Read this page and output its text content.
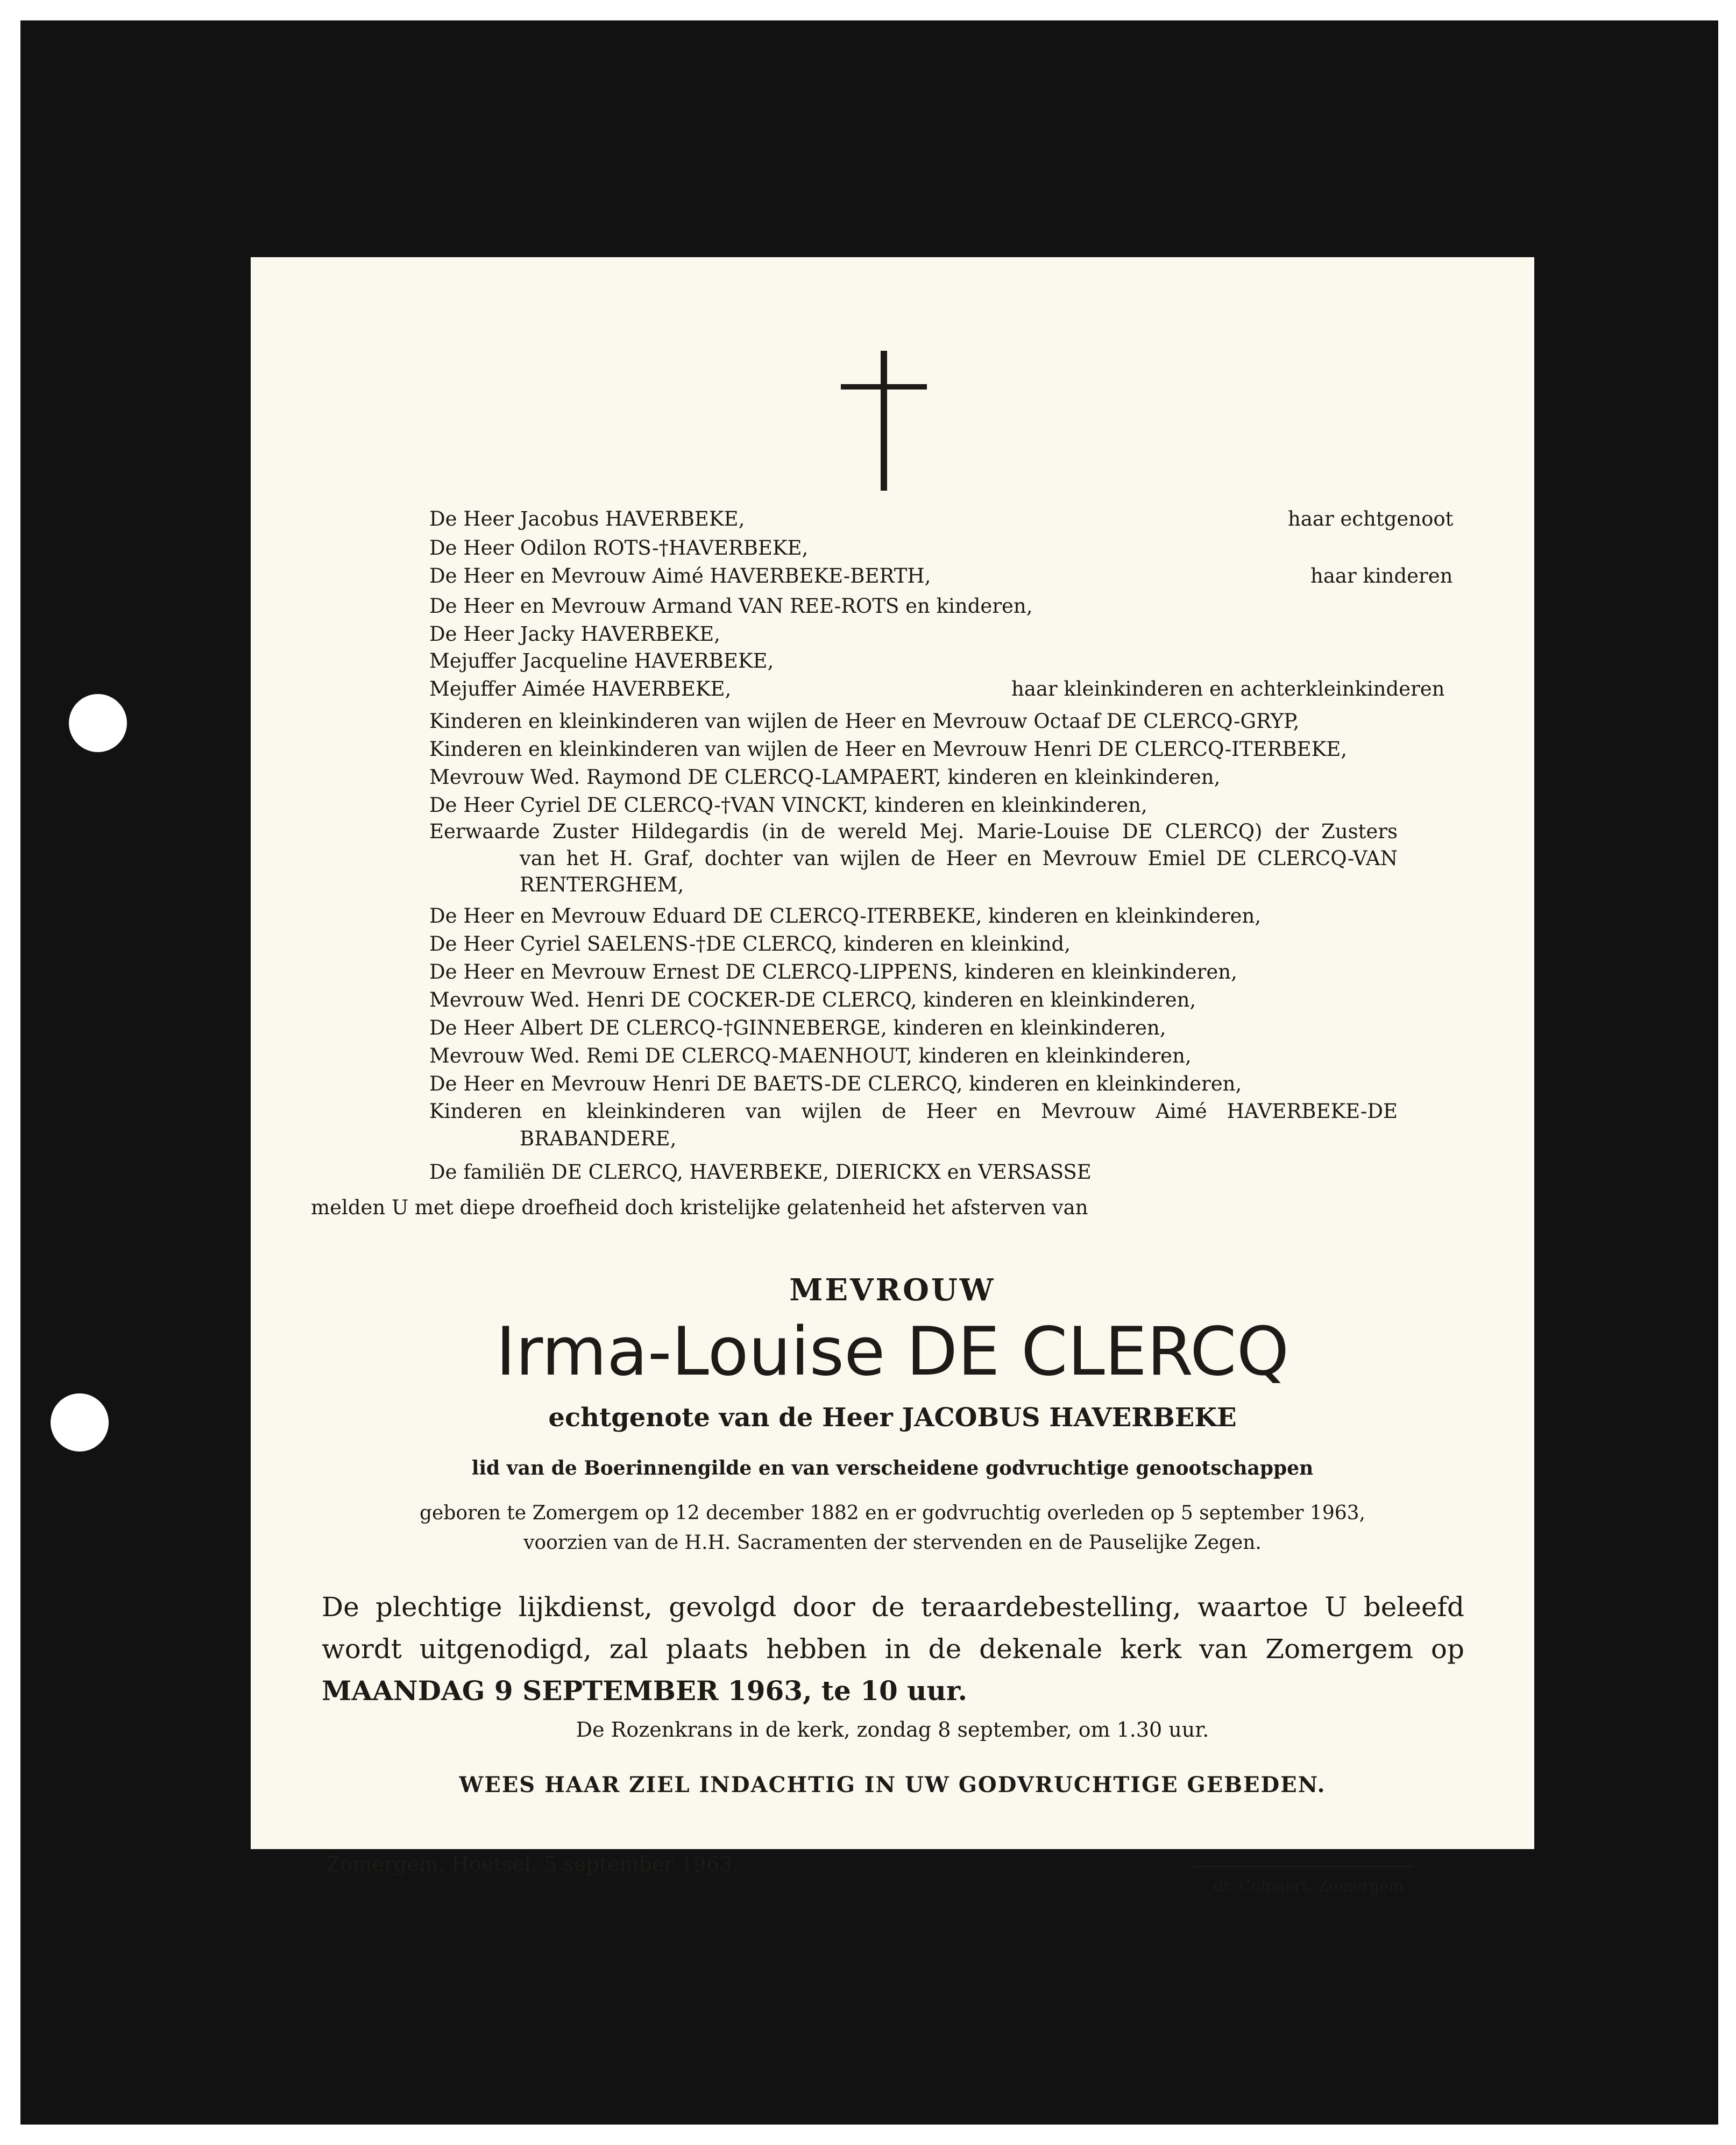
De Heer Jacobus HAVERBEKE,	haar echtgenoot
De Heer Odilon ROTS-†HAVERBEKE,
De Heer en Mevrouw Aimé HAVERBEKE-BERTH,	haar kinderen
De Heer en Mevrouw Armand VAN REE-ROTS en kinderen,
De Heer Jacky HAVERBEKE,
Mejuffer Jacqueline HAVERBEKE,
Mejuffer Aimée HAVERBEKE,	haar kleinkinderen en achterkleinkinderen
Kinderen en kleinkinderen van wijlen de Heer en Mevrouw Octaaf DE CLERCQ-GRYP,
Kinderen en kleinkinderen van wijlen de Heer en Mevrouw Henri DE CLERCQ-ITERBEKE,
Mevrouw Wed. Raymond DE CLERCQ-LAMPAERT, kinderen en kleinkinderen,
De Heer Cyriel DE CLERCQ-†VAN VINCKT, kinderen en kleinkinderen,
Eerwaarde Zuster Hildegardis (in de wereld Mej. Marie-Louise DE CLERCQ) der Zusters
van het H. Graf, dochter van wijlen de Heer en Mevrouw Emiel DE CLERCQ-VAN
RENTERGHEM,
De Heer en Mevrouw Eduard DE CLERCQ-ITERBEKE, kinderen en kleinkinderen,
De Heer Cyriel SAELENS-†DE CLERCQ, kinderen en kleinkind,
De Heer en Mevrouw Ernest DE CLERCQ-LIPPENS, kinderen en kleinkinderen,
Mevrouw Wed. Henri DE COCKER-DE CLERCQ, kinderen en kleinkinderen,
De Heer Albert DE CLERCQ-†GINNEBERGE, kinderen en kleinkinderen,
Mevrouw Wed. Remi DE CLERCQ-MAENHOUT, kinderen en kleinkinderen,
De Heer en Mevrouw Henri DE BAETS-DE CLERCQ, kinderen en kleinkinderen,
Kinderen en kleinkinderen van wijlen de Heer en Mevrouw Aimé HAVERBEKE-DE
BRABANDERE,
De familiën DE CLERCQ, HAVERBEKE, DIERICKX en VERSASSE
melden U met diepe droefheid doch kristelijke gelatenheid het afsterven van
MEVROUW
Irma-Louise DE CLERCQ
echtgenote van de Heer JACOBUS HAVERBEKE
lid van de Boerinnengilde en van verscheidene godvruchtige genootschappen
geboren te Zomergem op 12 december 1882 en er godvruchtig overleden op 5 september 1963,
voorzien van de H.H. Sacramenten der stervenden en de Pauselijke Zegen.
De plechtige lijkdienst, gevolgd door de teraardebestelling, waartoe U beleefd wordt uitgenodigd, zal plaats hebben in de dekenale kerk van Zomergem op MAANDAG 9 SEPTEMBER 1963, te 10 uur.
De Rozenkrans in de kerk, zondag 8 september, om 1.30 uur.
WEES HAAR ZIEL INDACHTIG IN UW GODVRUCHTIGE GEBEDEN.
Zomergem, Hoetsel, 5 september 1963.
dr. Colpaert, Zomergem
